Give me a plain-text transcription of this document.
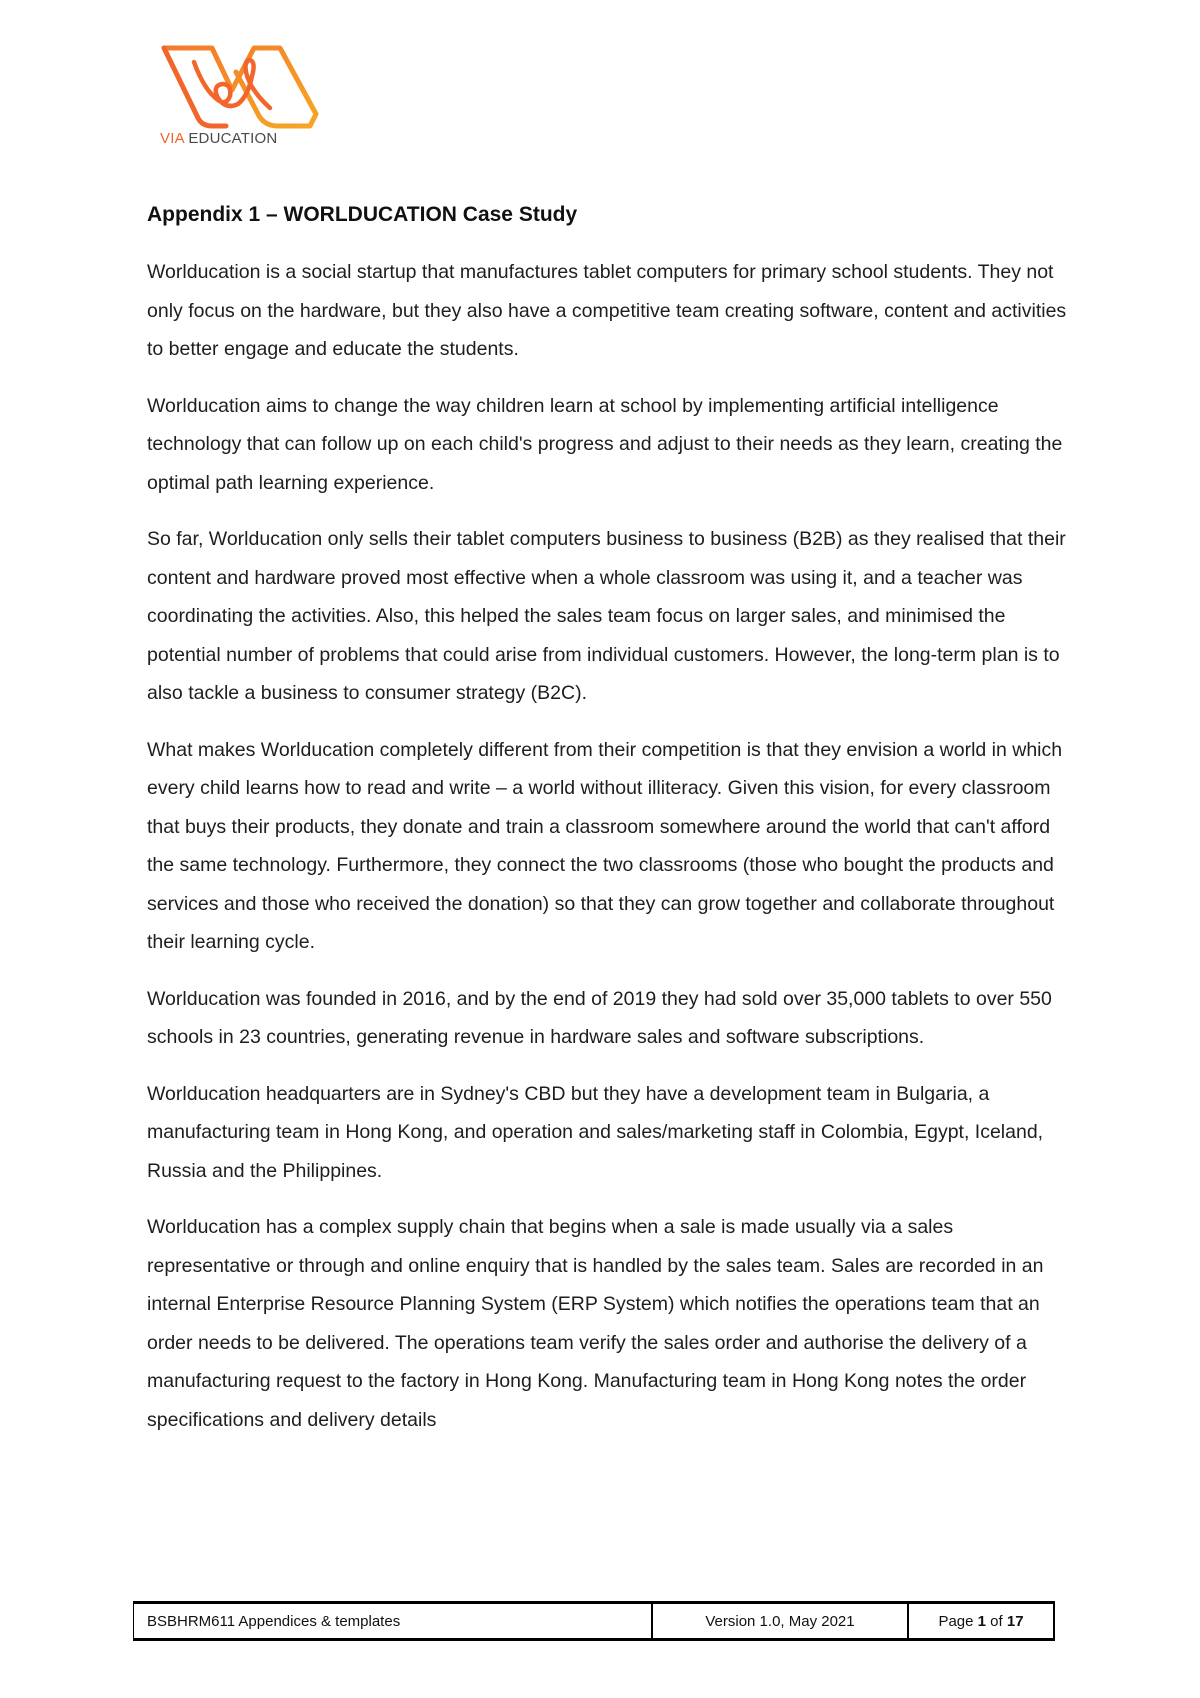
VIA EDUCATION
Appendix 1 – WORLDUCATION Case Study

Worlducation is a social startup that manufactures tablet computers for primary school students. They not only focus on the hardware, but they also have a competitive team creating software, content and activities to better engage and educate the students.

Worlducation aims to change the way children learn at school by implementing artificial intelligence technology that can follow up on each child's progress and adjust to their needs as they learn, creating the optimal path learning experience.

So far, Worlducation only sells their tablet computers business to business (B2B) as they realised that their content and hardware proved most effective when a whole classroom was using it, and a teacher was coordinating the activities. Also, this helped the sales team focus on larger sales, and minimised the potential number of problems that could arise from individual customers. However, the long-term plan is to also tackle a business to consumer strategy (B2C).

What makes Worlducation completely different from their competition is that they envision a world in which every child learns how to read and write – a world without illiteracy. Given this vision, for every classroom that buys their products, they donate and train a classroom somewhere around the world that can't afford the same technology. Furthermore, they connect the two classrooms (those who bought the products and services and those who received the donation) so that they can grow together and collaborate throughout their learning cycle.

Worlducation was founded in 2016, and by the end of 2019 they had sold over 35,000 tablets to over 550 schools in 23 countries, generating revenue in hardware sales and software subscriptions.

Worlducation headquarters are in Sydney's CBD but they have a development team in Bulgaria, a manufacturing team in Hong Kong, and operation and sales/marketing staff in Colombia, Egypt, Iceland, Russia and the Philippines.

Worlducation has a complex supply chain that begins when a sale is made usually via a sales representative or through and online enquiry that is handled by the sales team. Sales are recorded in an internal Enterprise Resource Planning System (ERP System) which notifies the operations team that an order needs to be delivered. The operations team verify the sales order and authorise the delivery of a manufacturing request to the factory in Hong Kong. Manufacturing team in Hong Kong notes the order specifications and delivery details

BSBHRM611 Appendices & templates	Version 1.0, May 2021	Page
1
of
17
